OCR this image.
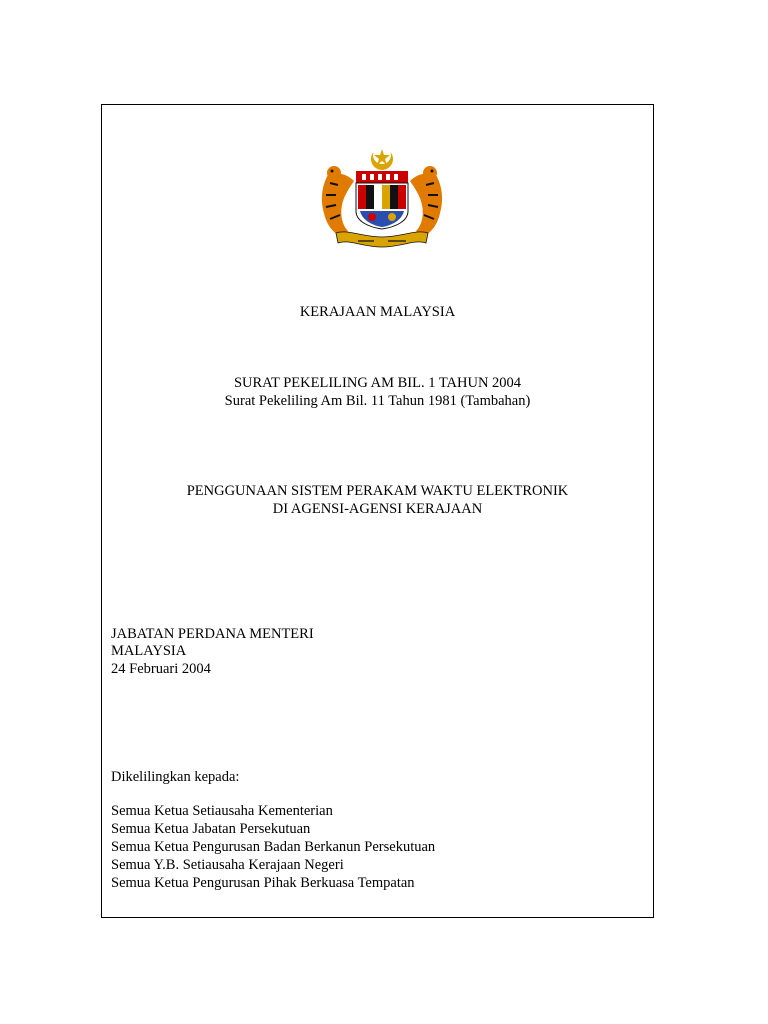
KERAJAAN MALAYSIA
SURAT PEKELILING AM BIL. 1 TAHUN 2004
Surat Pekeliling Am Bil. 11 Tahun 1981 (Tambahan)
PENGGUNAAN SISTEM PERAKAM WAKTU ELEKTRONIK
DI AGENSI-AGENSI KERAJAAN
JABATAN PERDANA MENTERI
MALAYSIA
24 Februari 2004
Dikelilingkan kepada:
Semua Ketua Setiausaha Kementerian
Semua Ketua Jabatan Persekutuan
Semua Ketua Pengurusan Badan Berkanun Persekutuan
Semua Y.B. Setiausaha Kerajaan Negeri
Semua Ketua Pengurusan Pihak Berkuasa Tempatan
